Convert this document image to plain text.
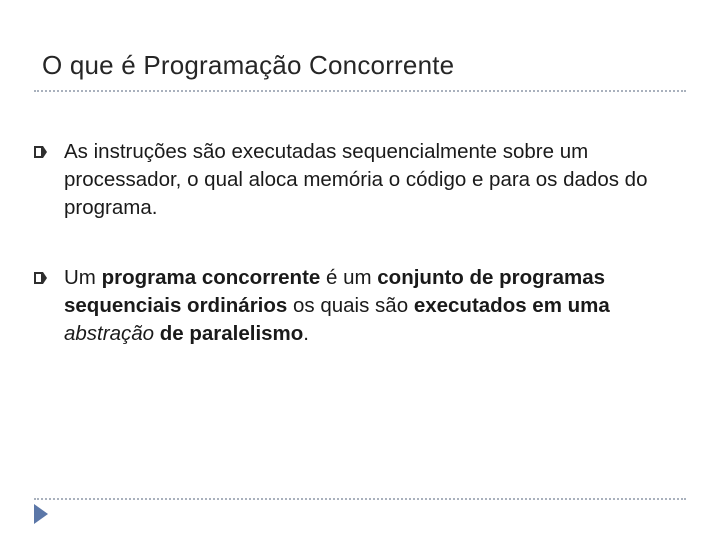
O que é Programação Concorrente
As instruções são executadas sequencialmente sobre um processador, o qual aloca memória o código e para os dados do programa.
Um programa concorrente é um conjunto de programas sequenciais ordinários os quais são executados em uma abstração de paralelismo.
